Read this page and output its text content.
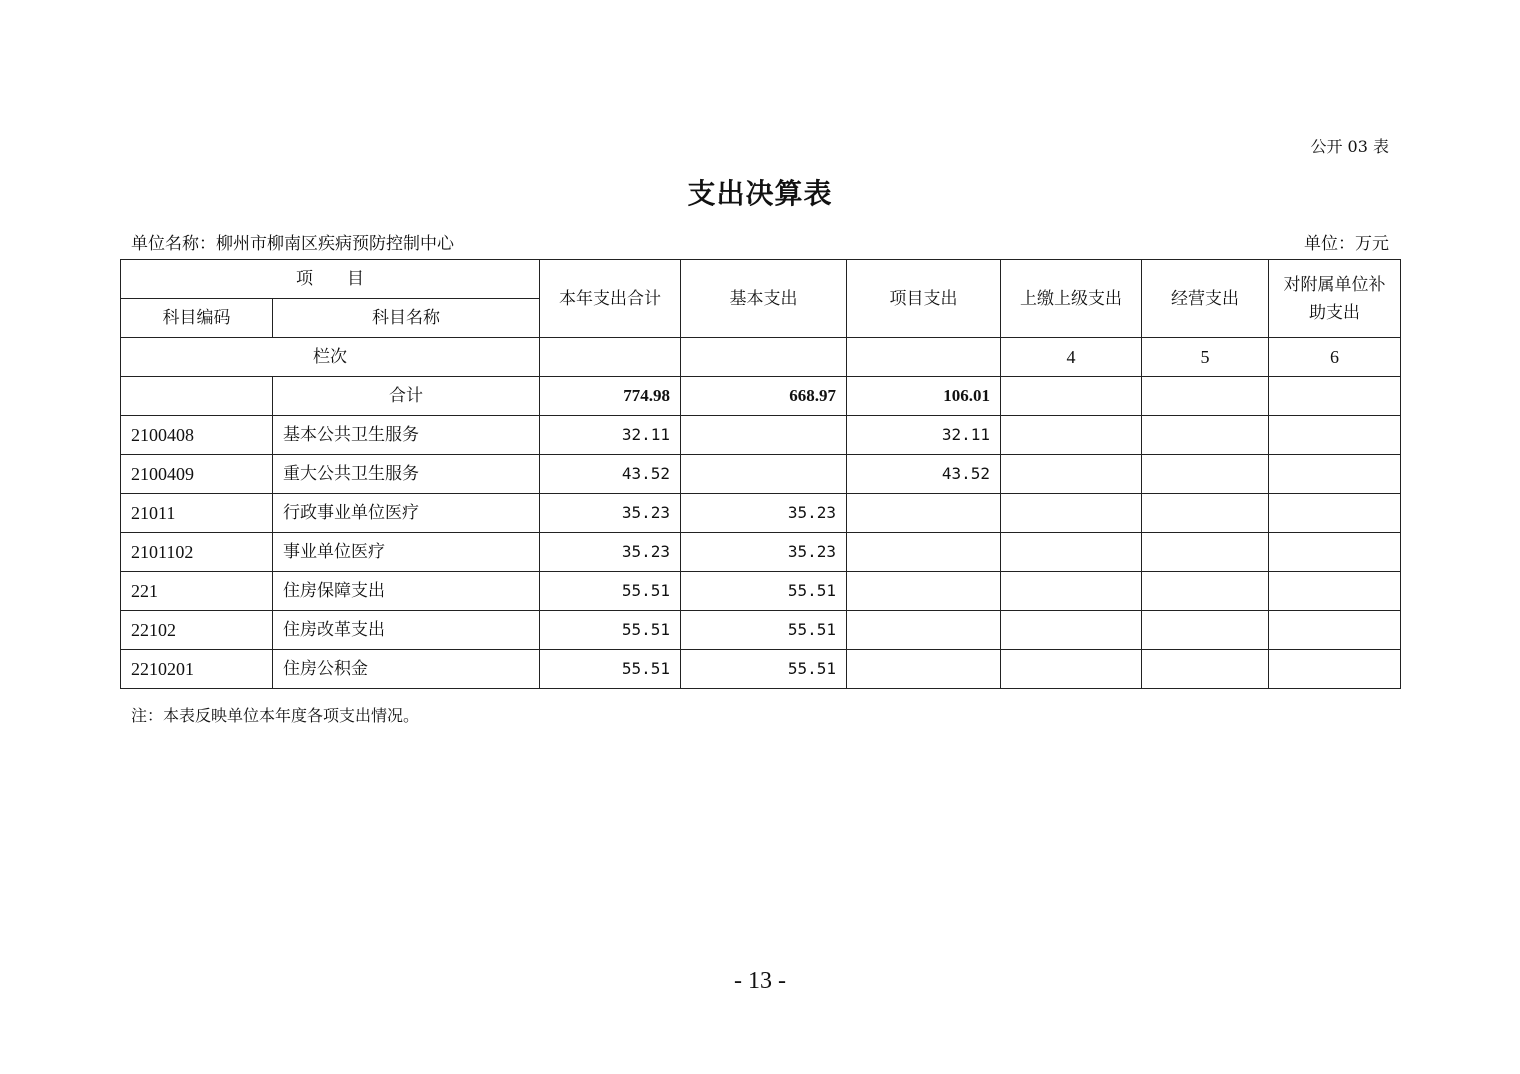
公开 03 表
支出决算表
单位名称：柳州市柳南区疾病预防控制中心	单位：万元
项　　目		本年支出合计	基本支出	项目支出	上缴上级支出	经营支出	对附属单位补助支出
科目编码	科目名称						
栏次					4	5	6
	合计	774.98	668.97	106.01			
2100408	基本公共卫生服务	32.11		32.11			
2100409	重大公共卫生服务	43.52		43.52			
21011	行政事业单位医疗	35.23	35.23				
2101102	事业单位医疗	35.23	35.23				
221	住房保障支出	55.51	55.51				
22102	住房改革支出	55.51	55.51				
2210201	住房公积金	55.51	55.51				
注：本表反映单位本年度各项支出情况。
- 13 -
